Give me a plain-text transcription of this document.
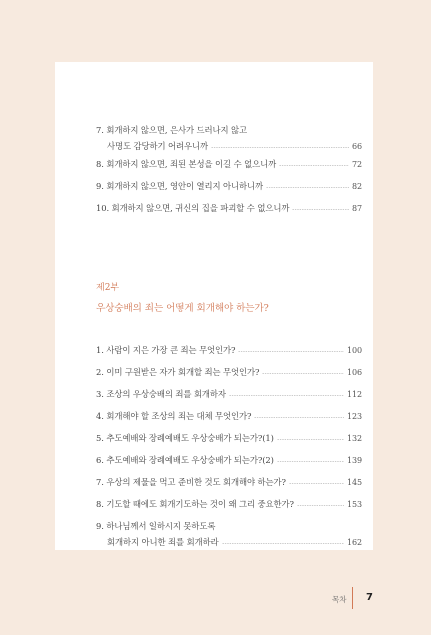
7. 회개하지 않으면, 은사가 드러나지 않고
사명도 감당하기 어려우니까	66
8. 회개하지 않으면, 죄된 본성을 이길 수 없으니까	72
9. 회개하지 않으면, 영안이 열리지 아니하니까	82
10. 회개하지 않으면, 귀신의 집을 파괴할 수 없으니까	87
제2부
우상숭배의 죄는 어떻게 회개해야 하는가?
1. 사람이 지은 가장 큰 죄는 무엇인가?	100
2. 이미 구원받은 자가 회개할 죄는 무엇인가?	106
3. 조상의 우상숭배의 죄를 회개하자	112
4. 회개해야 할 조상의 죄는 대체 무엇인가?	123
5. 추도예배와 장례예배도 우상숭배가 되는가?(1)	132
6. 추도예배와 장례예배도 우상숭배가 되는가?(2)	139
7. 우상의 제물을 먹고 준비한 것도 회개해야 하는가?	145
8. 기도할 때에도 회개기도하는 것이 왜 그리 중요한가?	153
9. 하나님께서 일하시지 못하도록
회개하지 아니한 죄를 회개하라	162
목차 7
